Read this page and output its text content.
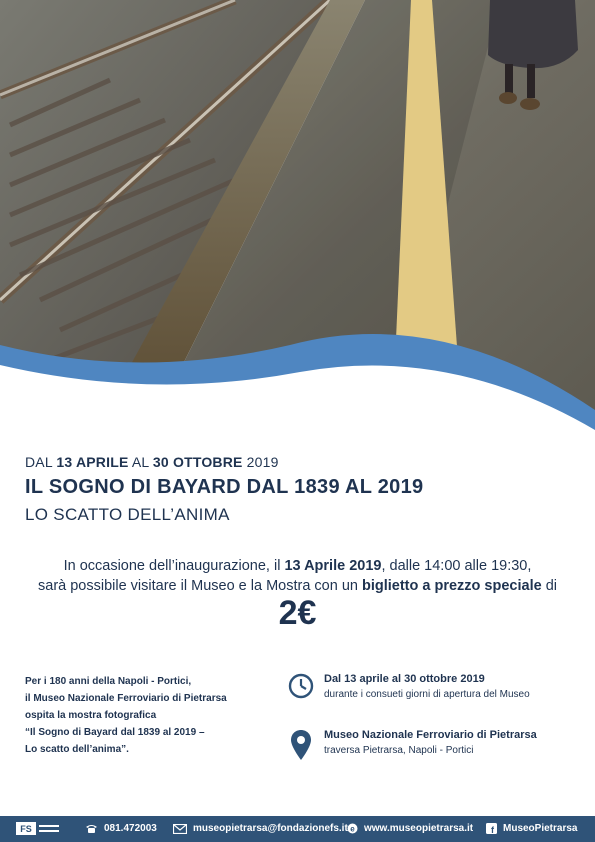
DAL 13 APRILE AL 30 OTTOBRE 2019
IL SOGNO DI BAYARD DAL 1839 AL 2019
LO SCATTO DELL’ANIMA
In occasione dell’inaugurazione, il 13 Aprile 2019, dalle 14:00 alle 19:30,
sarà possibile visitare il Museo e la Mostra con un biglietto a prezzo speciale di
2€
Per i 180 anni della Napoli - Portici,
il Museo Nazionale Ferroviario di Pietrarsa
ospita la mostra fotografica
“Il Sogno di Bayard dal 1839 al 2019 –
Lo scatto dell’anima”.
Dal 13 aprile al 30 ottobre 2019
durante i consueti giorni di apertura del Museo
Museo Nazionale Ferroviario di Pietrarsa
traversa Pietrarsa, Napoli - Portici
FS	081.472003	museopietrarsa@fondazionefs.it e www.museopietrarsa.it f MuseoPietrarsa
